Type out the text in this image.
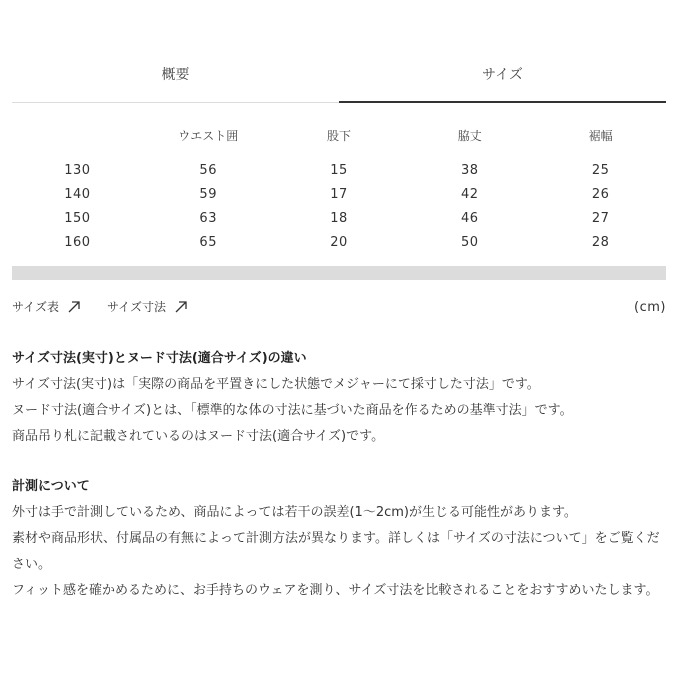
概要	サイズ
	ウエスト囲	股下	脇丈	裾幅
130	56	15	38	25
140	59	17	42	26
150	63	18	46	27
160	65	20	50	28
サイズ表	サイズ寸法	(cm)
サイズ寸法(実寸)とヌード寸法(適合サイズ)の違い

サイズ寸法(実寸)は「実際の商品を平置きにした状態でメジャーにて採寸した寸法」です。

ヌード寸法(適合サイズ)とは、「標準的な体の寸法に基づいた商品を作るための基準寸法」です。

商品吊り札に記載されているのはヌード寸法(適合サイズ)です。

計測について

外寸は手で計測しているため、商品によっては若干の誤差(1〜2cm)が生じる可能性があります。

素材や商品形状、付属品の有無によって計測方法が異なります。詳しくは「サイズの寸法について」をご覧ください。

フィット感を確かめるために、お手持ちのウェアを測り、サイズ寸法を比較されることをおすすめいたします。
